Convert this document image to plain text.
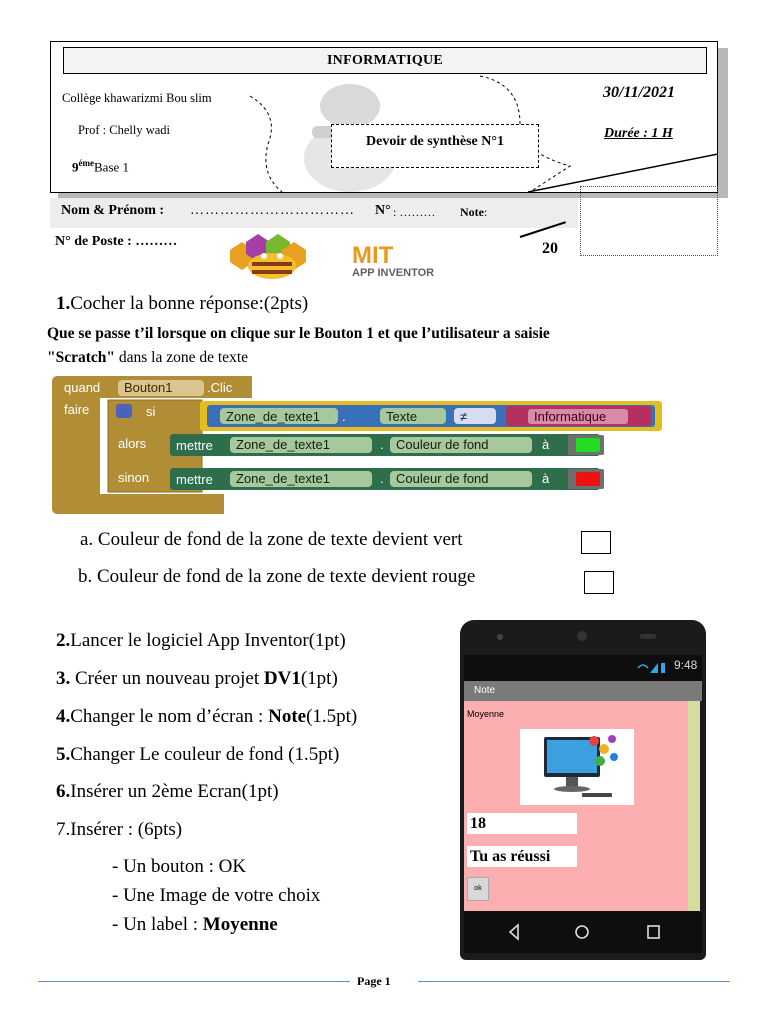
INFORMATIQUE
Collège khawarizmi Bou slim
Prof : Chelly wadi
$9^{éme}Base$ 1
Devoir de synthèse N°1
30/11/2021
Durée : 1 H
Nom & Prénom : …………………………… N° : ……… Note:
20
N° de Poste : ………
MIT
APP INVENTOR
1.Cocher la bonne réponse:(2pts)
Que se passe t’il lorsque on clique sur le Bouton 1 et que l’utilisateur a saisie
"Scratch" dans la zone de texte
quand Bouton1	.Clic
faire	si	Zone_de_texte1 .	Texte	≠	Informatique
alors mettre Zone_de_texte1	. Couleur de fond	à
sinon mettre Zone_de_texte1	. Couleur de fond	à
a. Couleur de fond de la zone de texte devient vert
b. Couleur de fond de la zone de texte devient rouge
2.Lancer le logiciel App Inventor(1pt)
3. Créer un nouveau projet DV1(1pt)
4.Changer le nom d’écran : Note(1.5pt)
5.Changer Le couleur de fond (1.5pt)
6.Insérer un 2ème Ecran(1pt)
7.Insérer : (6pts)
- Un bouton : OK
- Une Image de votre choix
- Un label : Moyenne
9:48
Note
Moyenne
18
Tu as réussi
ok
Page 1
